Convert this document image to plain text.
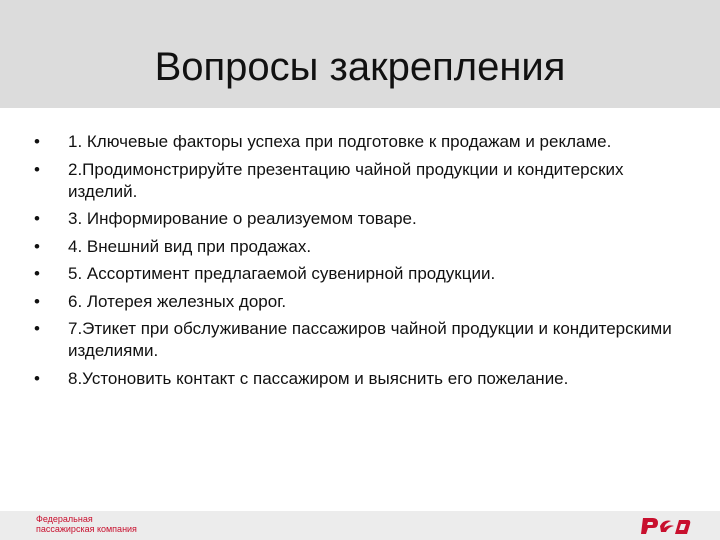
Вопросы закрепления
•	1. Ключевые факторы успеха при подготовке к продажам и рекламе.
•	2.Продимонстрируйте презентацию чайной продукции и кондитерских изделий.
•	3. Информирование о реализуемом товаре.
•	4. Внешний вид при продажах.
•	5. Ассортимент предлагаемой сувенирной продукции.
•	6. Лотерея железных дорог.
•	7.Этикет при обслуживание пассажиров чайной продукции и кондитерскими изделиями.
•	8.Устоновить контакт с пассажиром и выяснить его пожелание.
Федеральная
пассажирская компания
